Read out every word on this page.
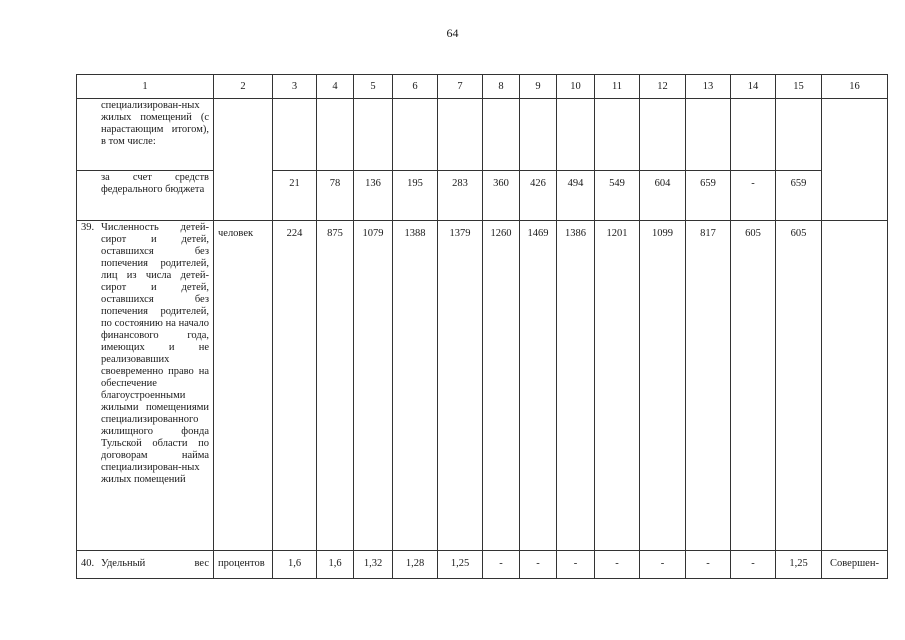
64
1	2	3	4	5	6	7	8	9	10	11	12	13	14	15	16
специализирован-ных жилых помещений (с нарастающим итогом), в том числе:															
за счет средств федерального бюджета		21	78	136	195	283	360	426	494	549	604	659	-	659	
39. Численность детей-сирот и детей, оставшихся без попечения родителей, лиц из числа детей-сирот и детей, оставшихся без попечения родителей, по состоянию на начало финансового года, имеющих и не реализовавших своевременно право на обеспечение благоустроенными жилыми помещениями специализированного жилищного фонда Тульской области по договорам найма специализирован-ных жилых помещений	человек	224	875	1079	1388	1379	1260	1469	1386	1201	1099	817	605	605	
40. Удельный вес	процентов	1,6	1,6	1,32	1,28	1,25	-	-	-	-	-	-	-	1,25	Совершен-
